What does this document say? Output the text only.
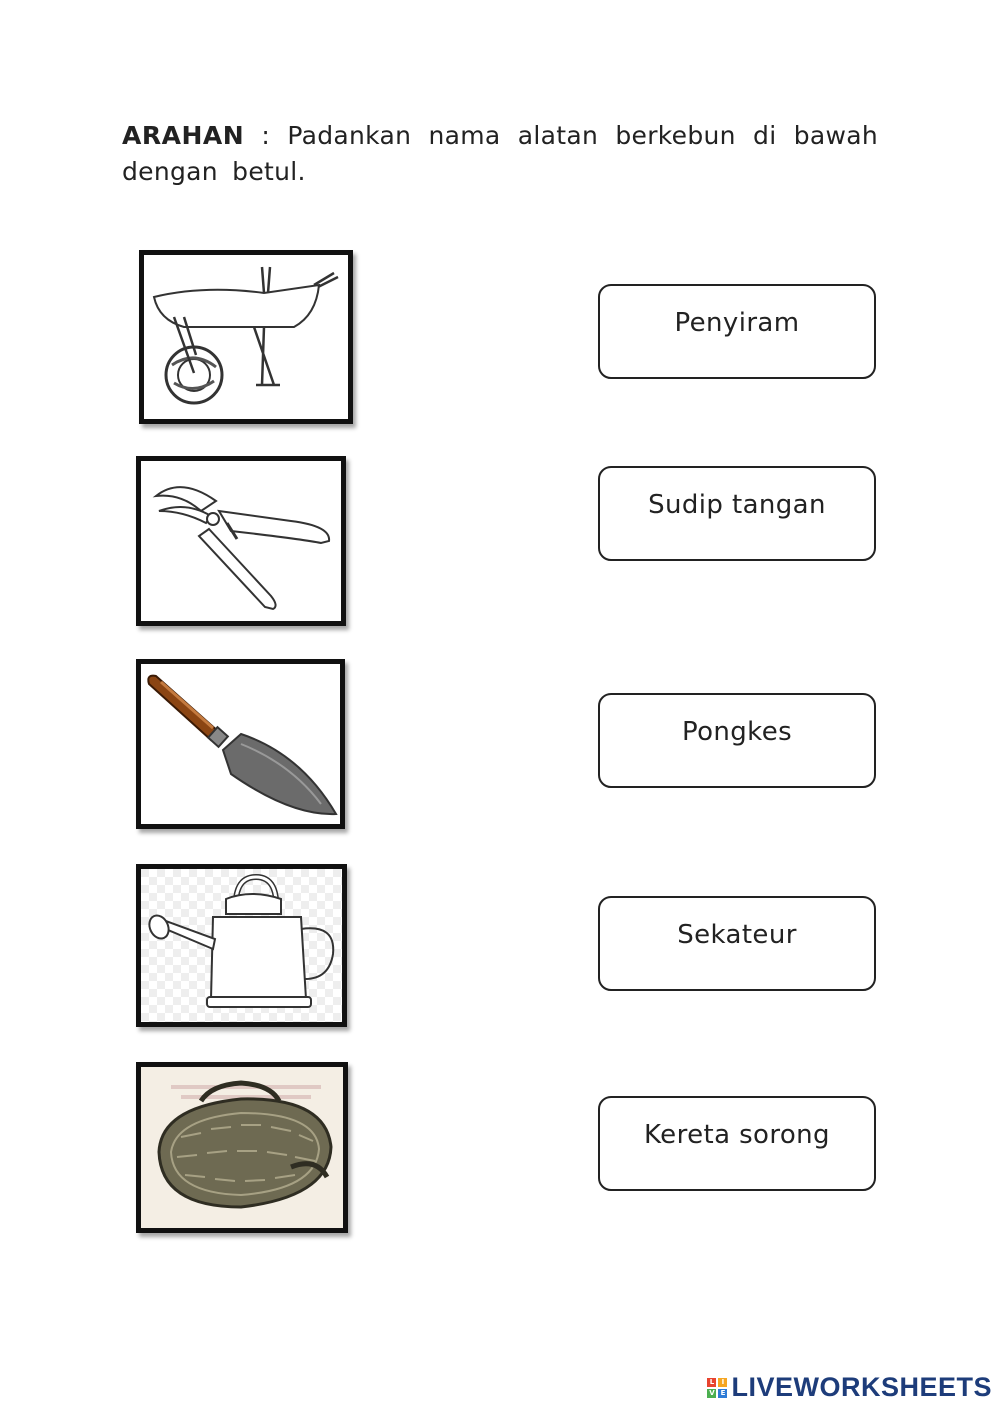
ARAHAN : Padankan nama alatan berkebun di bawah dengan betul.
Penyiram
Sudip tangan
Pongkes
Sekateur
Kereta sorong
L	I
V E LIVEWORKSHEETS
